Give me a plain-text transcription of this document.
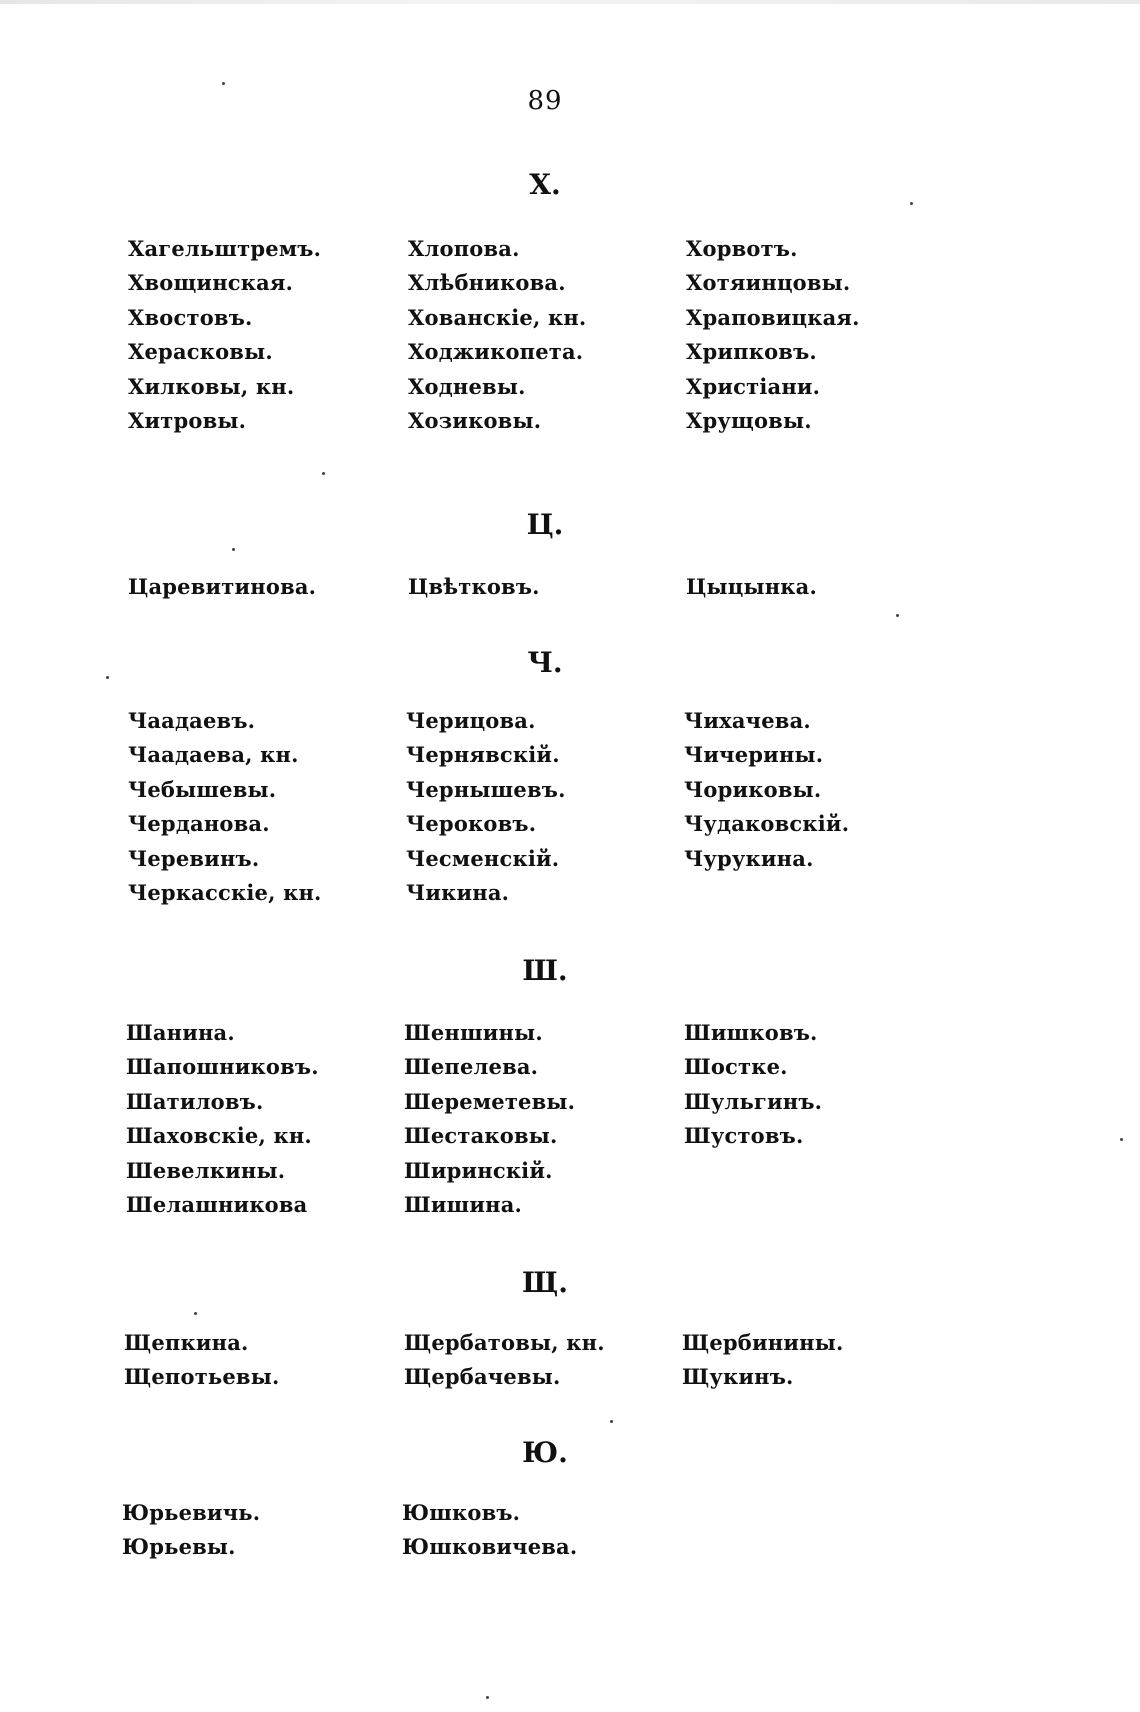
89
Х.
Хагельштремъ.
Хвощинская.
Хвостовъ.
Херасковы.
Хилковы, кн.
Хитровы.
Хлопова.
Хлѣбникова.
Хованскіе, кн.
Ходжикопета.
Ходневы.
Хозиковы.
Хорвотъ.
Хотяинцовы.
Храповицкая.
Хрипковъ.
Христіани.
Хрущовы.
Ц.
Царевитинова.	Цвѣтковъ.	Цыцынка.
Ч.
Чаадаевъ.
Чаадаева, кн.
Чебышевы.
Черданова.
Черевинъ.
Черкасскіе, кн.
Черицова.
Чернявскій.
Чернышевъ.
Чероковъ.
Чесменскій.
Чикина.
Чихачева.
Чичерины.
Чориковы.
Чудаковскій.
Чурукина.
Ш.
Шанина.
Шапошниковъ.
Шатиловъ.
Шаховскіе, кн.
Шевелкины.
Шелашникова
Шеншины.
Шепелева.
Шереметевы.
Шестаковы.
Ширинскій.
Шишина.
Шишковъ.
Шостке.
Шульгинъ.
Шустовъ.
Щ.
Щепкина.
Щепотьевы.
Щербатовы, кн.
Щербачевы.
Щербинины.
Щукинъ.
Ю.
Юрьевичь.
Юрьевы.
Юшковъ.
Юшковичева.
